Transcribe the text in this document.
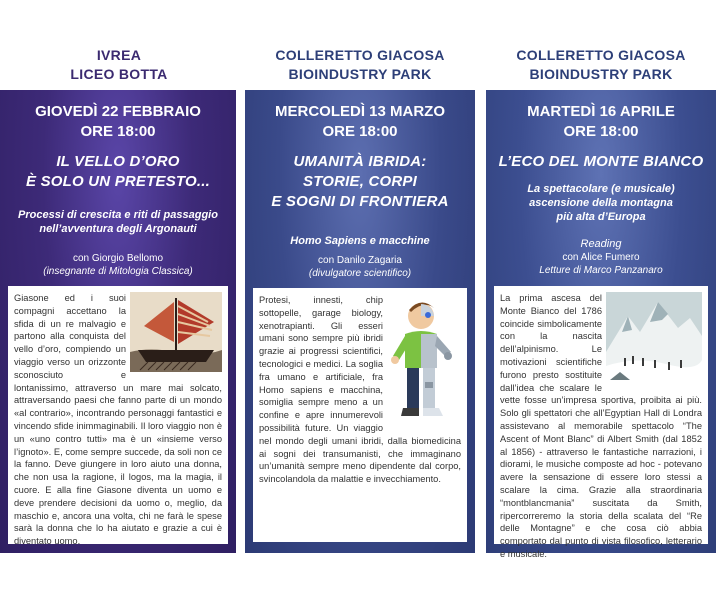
IVREA
LICEO BOTTA
GIOVEDÌ 22 FEBBRAIO
ORE 18:00
IL VELLO D’ORO
È SOLO UN PRETESTO...
Processi di crescita e riti di passaggio
nell’avventura degli Argonauti
con Giorgio Bellomo
(insegnante di Mitologia Classica)
Giasone ed i suoi compagni accettano la sfida di un re malvagio e partono alla conquista del vello d’oro, compiendo un viaggio verso un orizzonte sconosciuto e lontanissimo, attraverso un mare mai solcato, attraversando paesi che fanno parte di un mondo «al contrario», incontrando personaggi fantastici e vincendo sfide inimmaginabili. Il loro viaggio non è un «uno contro tutti» ma è un «insieme verso l’ignoto». E, come sempre succede, da soli non ce la fanno. Deve giungere in loro aiuto una donna, che non usa la ragione, il logos, ma la magia, il cuore. E alla fine Giasone diventa un uomo e deve prendere decisioni da uomo o, meglio, da maschio e, ancora una volta, chi ne farà le spese sarà la donna che lo ha aiutato e grazie a cui è diventato uomo.
COLLERETTO GIACOSA
BIOINDUSTRY PARK
MERCOLEDÌ 13 MARZO
ORE 18:00
UMANITÀ IBRIDA:
STORIE, CORPI
E SOGNI DI FRONTIERA
Homo Sapiens e macchine
con Danilo Zagaria
(divulgatore scientifico)
Protesi, innesti, chip sottopelle, garage biology, xenotrapianti. Gli esseri umani sono sempre più ibridi grazie ai progressi scientifici, tecnologici e medici. La soglia fra umano e artificiale, fra Homo sapiens e macchina, somiglia sempre meno a un confine e apre innumerevoli possibilità future. Un viaggio nel mondo degli umani ibridi, dalla biomedicina ai sogni dei transumanisti, che immaginano un’umanità sempre meno dipendente dal corpo, svincolandola da malattie e invecchiamento.
COLLERETTO GIACOSA
BIOINDUSTRY PARK
MARTEDÌ 16 APRILE
ORE 18:00
L’ECO DEL MONTE BIANCO
La spettacolare (e musicale)
ascensione della montagna
più alta d’Europa
Reading
con Alice Fumero
Letture di Marco Panzanaro
La prima ascesa del Monte Bianco del 1786 coincide simbolicamente con la nascita dell’alpinismo. Le motivazioni scientifiche furono presto sostituite dall’idea che scalare le vette fosse un’impresa sportiva, proibita ai più. Solo gli spettatori che all’Egyptian Hall di Londra assistevano al memorabile spettacolo “The Ascent of Mont Blanc” di Albert Smith (dal 1852 al 1856) - attraverso le fantastiche narrazioni, i diorami, le musiche composte ad hoc - potevano avere la sensazione di essere loro stessi a scalare la cima. Grazie alla straordinaria “montblancmania” suscitata da Smith, ripercorreremo la storia della scalata del “Re delle Montagne” e che cosa ciò abbia comportato dal punto di vista filosofico, letterario e musicale.
